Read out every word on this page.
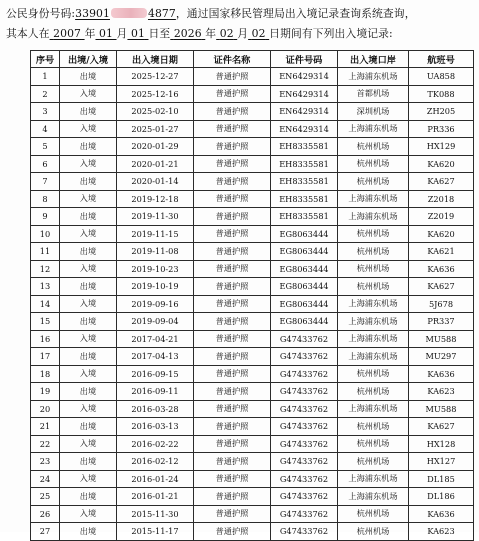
公民身份号码:33901	4877，通过国家移民管理局出入境记录查询系统查询，
其本人在 2007 年 01 月 01 日至 2026 年 02 月 02 日期间有下列出入境记录:
序号	出境/入境	出入境日期	证件名称	证件号码	出入境口岸	航班号
1	出境	2025-12-27	普通护照	EN6429314	上海浦东机场	UA858
2	入境	2025-12-16	普通护照	EN6429314	首都机场	TK088
3	出境	2025-02-10	普通护照	EN6429314	深圳机场	ZH205
4	入境	2025-01-27	普通护照	EN6429314	上海浦东机场	PR336
5	出境	2020-01-29	普通护照	EH8335581	杭州机场	HX129
6	入境	2020-01-21	普通护照	EH8335581	杭州机场	KA620
7	出境	2020-01-14	普通护照	EH8335581	杭州机场	KA627
8	入境	2019-12-18	普通护照	EH8335581	上海浦东机场	Z2018
9	出境	2019-11-30	普通护照	EH8335581	上海浦东机场	Z2019
10	入境	2019-11-15	普通护照	EG8063444	杭州机场	KA620
11	出境	2019-11-08	普通护照	EG8063444	杭州机场	KA621
12	入境	2019-10-23	普通护照	EG8063444	杭州机场	KA636
13	出境	2019-10-19	普通护照	EG8063444	杭州机场	KA627
14	入境	2019-09-16	普通护照	EG8063444	上海浦东机场	5J678
15	出境	2019-09-04	普通护照	EG8063444	上海浦东机场	PR337
16	入境	2017-04-21	普通护照	G47433762	上海浦东机场	MU588
17	出境	2017-04-13	普通护照	G47433762	上海浦东机场	MU297
18	入境	2016-09-15	普通护照	G47433762	杭州机场	KA636
19	出境	2016-09-11	普通护照	G47433762	杭州机场	KA623
20	入境	2016-03-28	普通护照	G47433762	上海浦东机场	MU588
21	出境	2016-03-13	普通护照	G47433762	杭州机场	KA627
22	入境	2016-02-22	普通护照	G47433762	杭州机场	HX128
23	出境	2016-02-12	普通护照	G47433762	杭州机场	HX127
24	入境	2016-01-24	普通护照	G47433762	上海浦东机场	DL185
25	出境	2016-01-21	普通护照	G47433762	上海浦东机场	DL186
26	入境	2015-11-30	普通护照	G47433762	杭州机场	KA636
27	出境	2015-11-17	普通护照	G47433762	杭州机场	KA623
